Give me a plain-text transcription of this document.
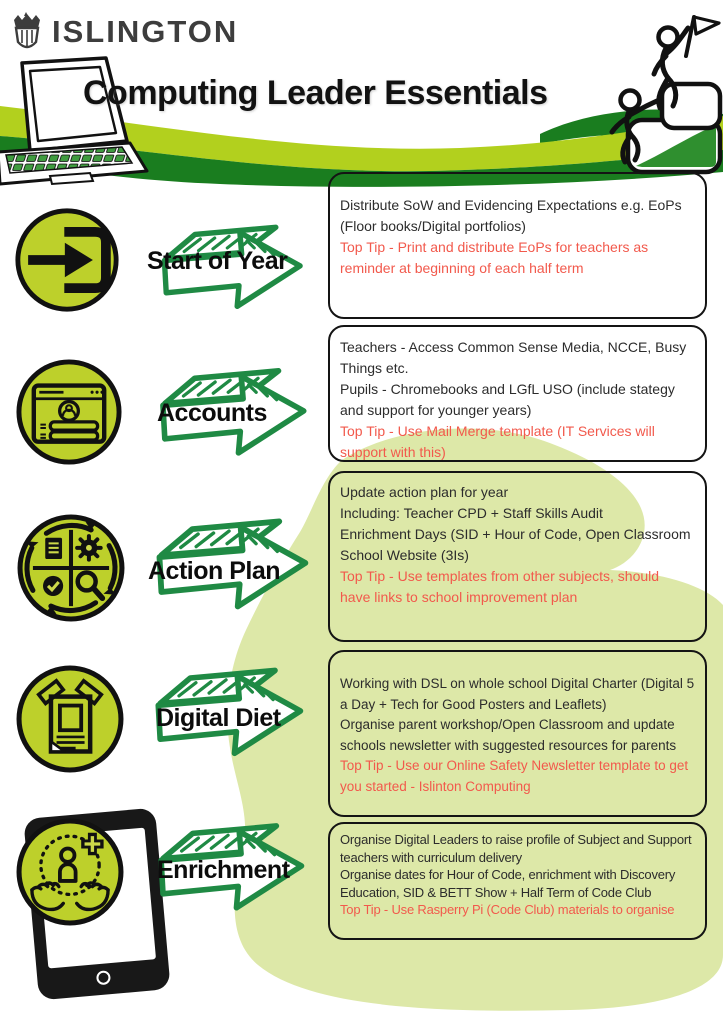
ISLINGTON
Computing Leader Essentials
Start of Year

Distribute SoW and Evidencing Expectations e.g. EoPs (Floor books/Digital portfolios)

Top Tip - Print and distribute EoPs for teachers as reminder at beginning of each half term

Accounts

Teachers - Access Common Sense Media, NCCE, Busy Things etc.

Pupils - Chromebooks and LGfL USO (include stategy and support for younger years)

Top Tip - Use Mail Merge template (IT Services will support with this)

Action Plan

Update action plan for year

Including: Teacher CPD + Staff Skills Audit

Enrichment Days (SID + Hour of Code, Open Classroom

School Website (3Is)

Top Tip - Use templates from other subjects, should have links to school improvement plan

Digital Diet

Working with DSL on whole school Digital Charter (Digital 5 a Day + Tech for Good Posters and Leaflets)

Organise parent workshop/Open Classroom and update schools newsletter with suggested resources for parents

Top Tip - Use our Online Safety Newsletter template to get you started - Islinton Computing

Enrichment

Organise Digital Leaders to raise profile of Subject and Support teachers with curriculum delivery

Organise dates for Hour of Code, enrichment with Discovery Education, SID & BETT Show + Half Term of Code Club

Top Tip - Use Rasperry Pi (Code Club) materials to organise
